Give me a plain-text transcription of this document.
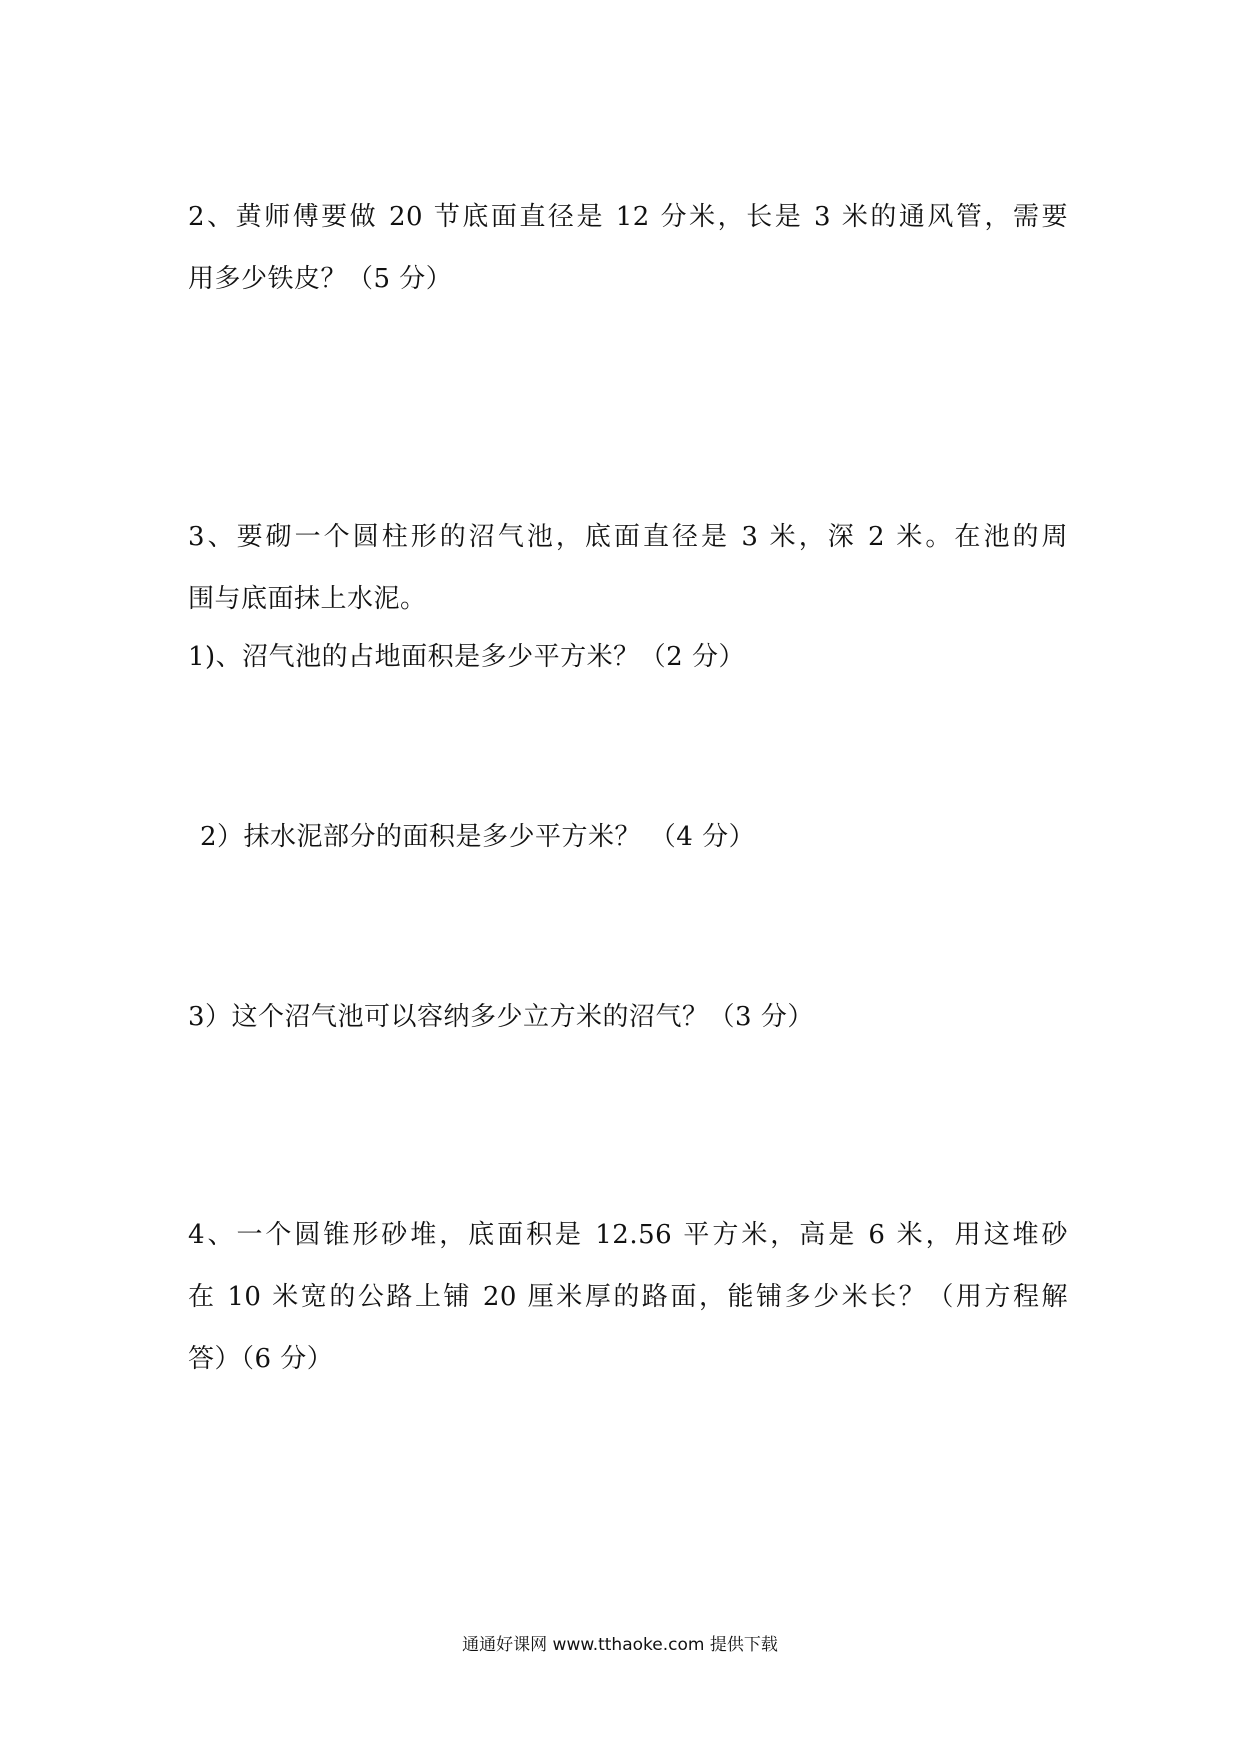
2、黄师傅要做 20 节底面直径是 12 分米，长是 3 米的通风管，需要
用多少铁皮？（5 分）
3、要砌一个圆柱形的沼气池，底面直径是 3 米，深 2 米。在池的周
围与底面抹上水泥。
1)、沼气池的占地面积是多少平方米？（2 分）
2）抹水泥部分的面积是多少平方米？ （4 分）
3）这个沼气池可以容纳多少立方米的沼气？（3 分）
4、一个圆锥形砂堆，底面积是 12.56 平方米，高是 6 米，用这堆砂
在 10 米宽的公路上铺 20 厘米厚的路面，能铺多少米长？（用方程解
答）（6 分）
通通好课网 www.tthaoke.com 提供下载
